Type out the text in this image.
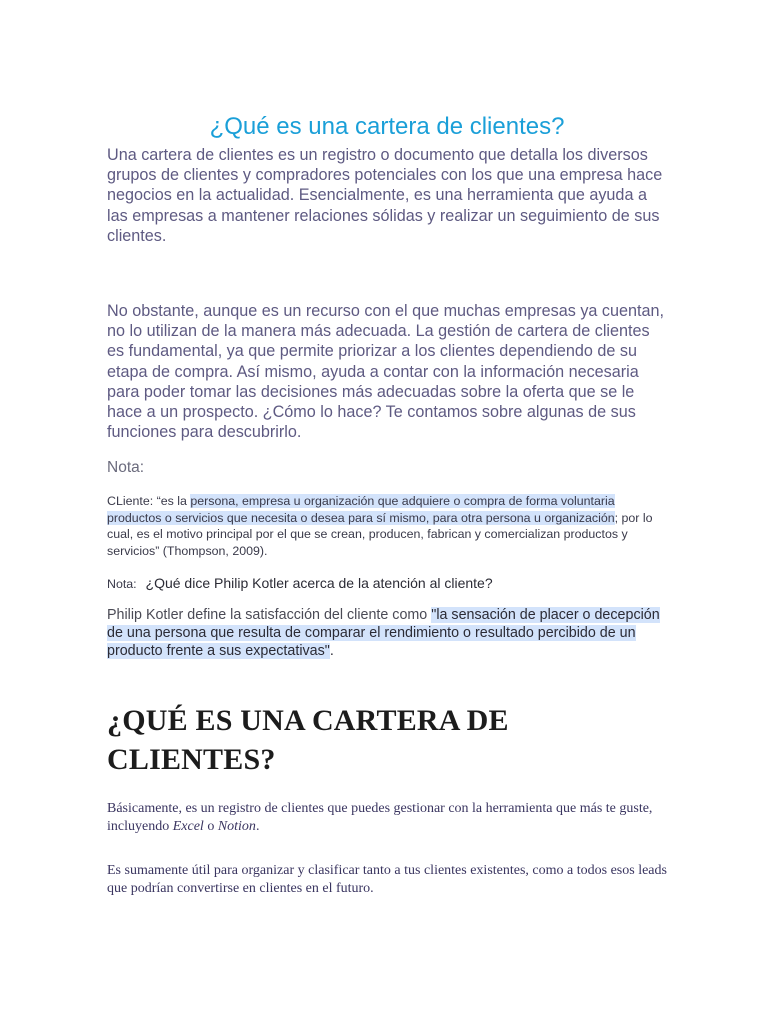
¿Qué es una cartera de clientes?

Una cartera de clientes es un registro o documento que detalla los diversos grupos de clientes y compradores potenciales con los que una empresa hace negocios en la actualidad. Esencialmente, es una herramienta que ayuda a las empresas a mantener relaciones sólidas y realizar un seguimiento de sus clientes.

No obstante, aunque es un recurso con el que muchas empresas ya cuentan, no lo utilizan de la manera más adecuada. La gestión de cartera de clientes es fundamental, ya que permite priorizar a los clientes dependiendo de su etapa de compra. Así mismo, ayuda a contar con la información necesaria para poder tomar las decisiones más adecuadas sobre la oferta que se le hace a un prospecto. ¿Cómo lo hace? Te contamos sobre algunas de sus funciones para descubrirlo.

Nota:

CLiente: “es la persona, empresa u organización que adquiere o compra de forma voluntaria productos o servicios que necesita o desea para sí mismo, para otra persona u organización; por lo cual, es el motivo principal por el que se crean, producen, fabrican y comercializan productos y servicios” (Thompson, 2009).

Nota: ¿Qué dice Philip Kotler acerca de la atención al cliente?

Philip Kotler define la satisfacción del cliente como "la sensación de placer o decepción de una persona que resulta de comparar el rendimiento o resultado percibido de un producto frente a sus expectativas".

¿QUÉ ES UNA CARTERA DE CLIENTES?

Básicamente, es un registro de clientes que puedes gestionar con la herramienta que más te guste, incluyendo Excel o Notion.

Es sumamente útil para organizar y clasificar tanto a tus clientes existentes, como a todos esos leads que podrían convertirse en clientes en el futuro.
